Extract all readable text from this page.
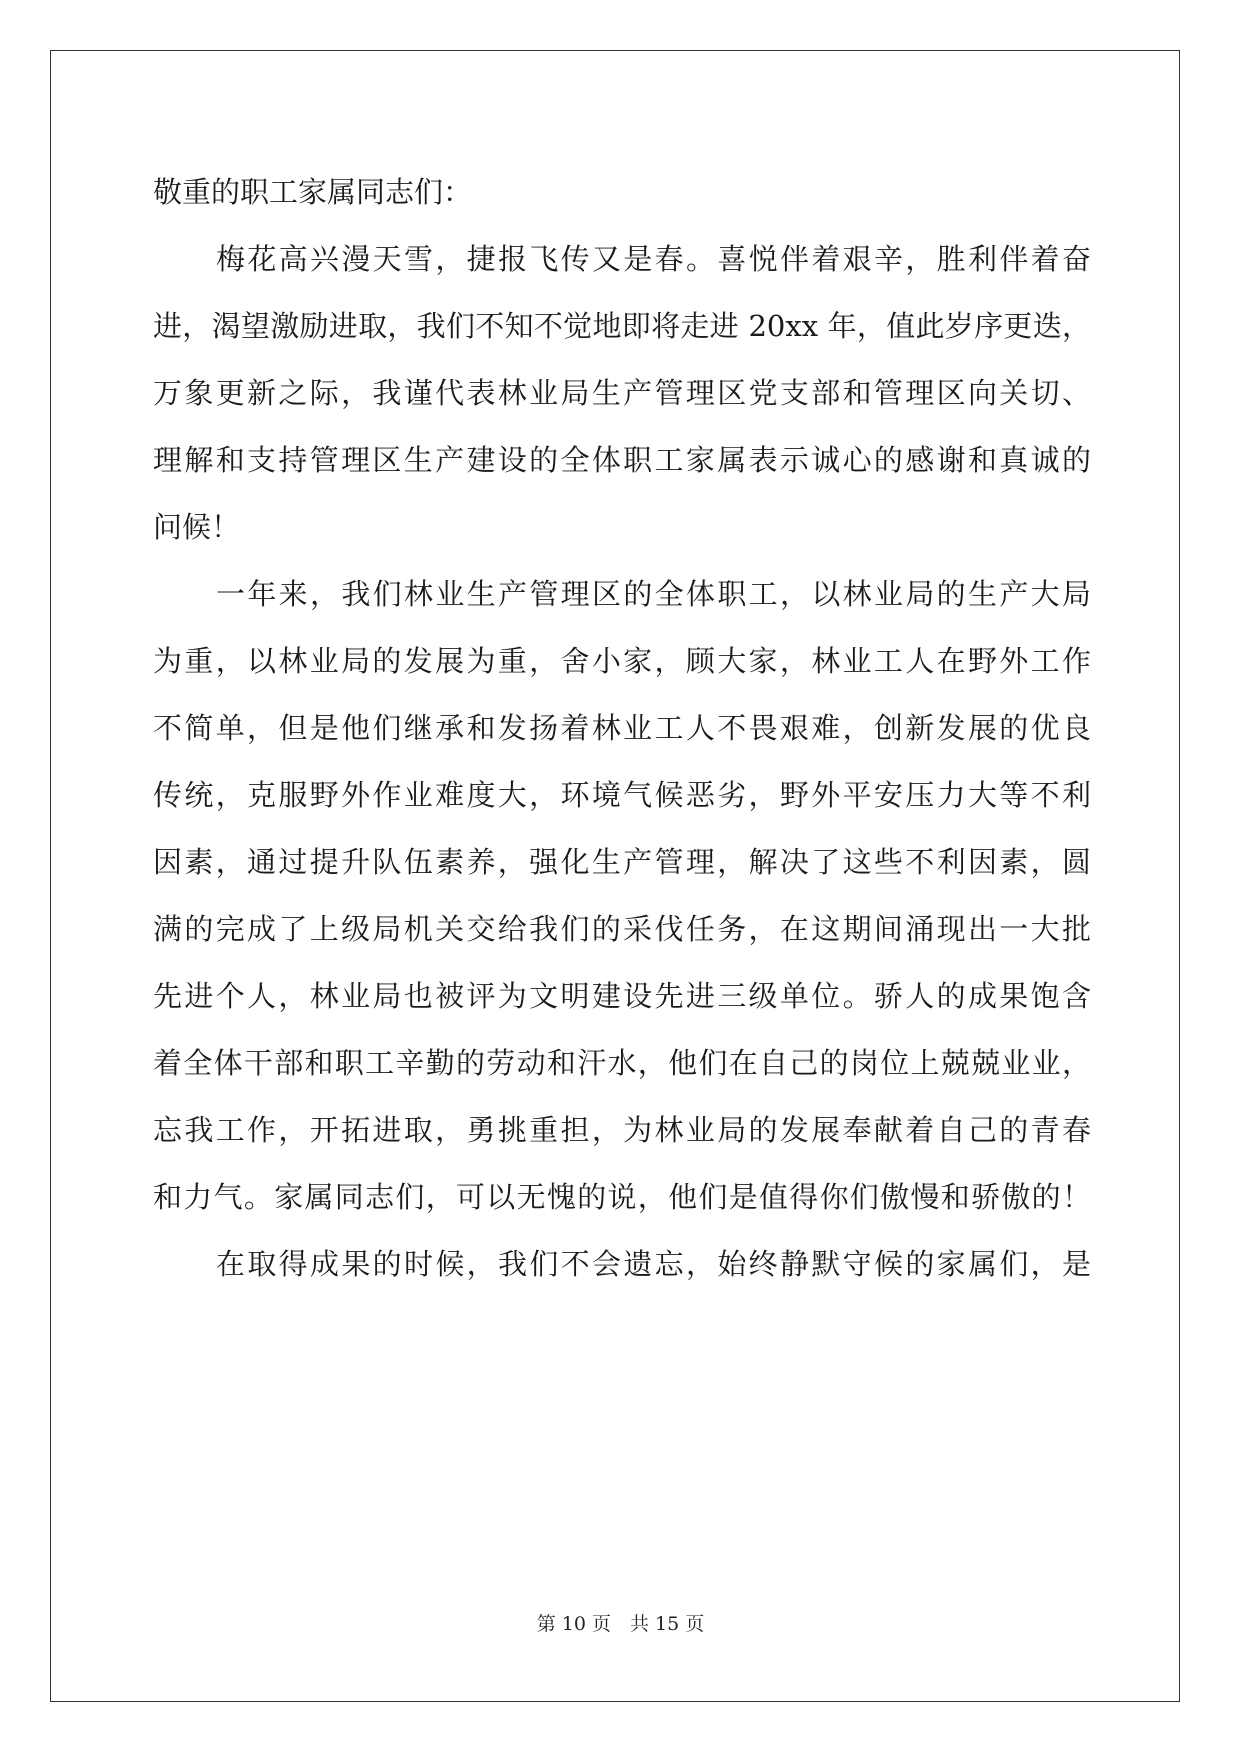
敬重的职工家属同志们：
梅花高兴漫天雪，捷报飞传又是春。喜悦伴着艰辛，胜利伴着奋
进，渴望激励进取，我们不知不觉地即将走进 20xx 年，值此岁序更迭，
万象更新之际，我谨代表林业局生产管理区党支部和管理区向关切、
理解和支持管理区生产建设的全体职工家属表示诚心的感谢和真诚的
问候！
一年来，我们林业生产管理区的全体职工，以林业局的生产大局
为重，以林业局的发展为重，舍小家，顾大家，林业工人在野外工作
不简单，但是他们继承和发扬着林业工人不畏艰难，创新发展的优良
传统，克服野外作业难度大，环境气候恶劣，野外平安压力大等不利
因素，通过提升队伍素养，强化生产管理，解决了这些不利因素，圆
满的完成了上级局机关交给我们的采伐任务，在这期间涌现出一大批
先进个人，林业局也被评为文明建设先进三级单位。骄人的成果饱含
着全体干部和职工辛勤的劳动和汗水，他们在自己的岗位上兢兢业业，
忘我工作，开拓进取，勇挑重担，为林业局的发展奉献着自己的青春
和力气。家属同志们，可以无愧的说，他们是值得你们傲慢和骄傲的！
在取得成果的时候，我们不会遗忘，始终静默守候的家属们，是
第 10 页　共 15 页
